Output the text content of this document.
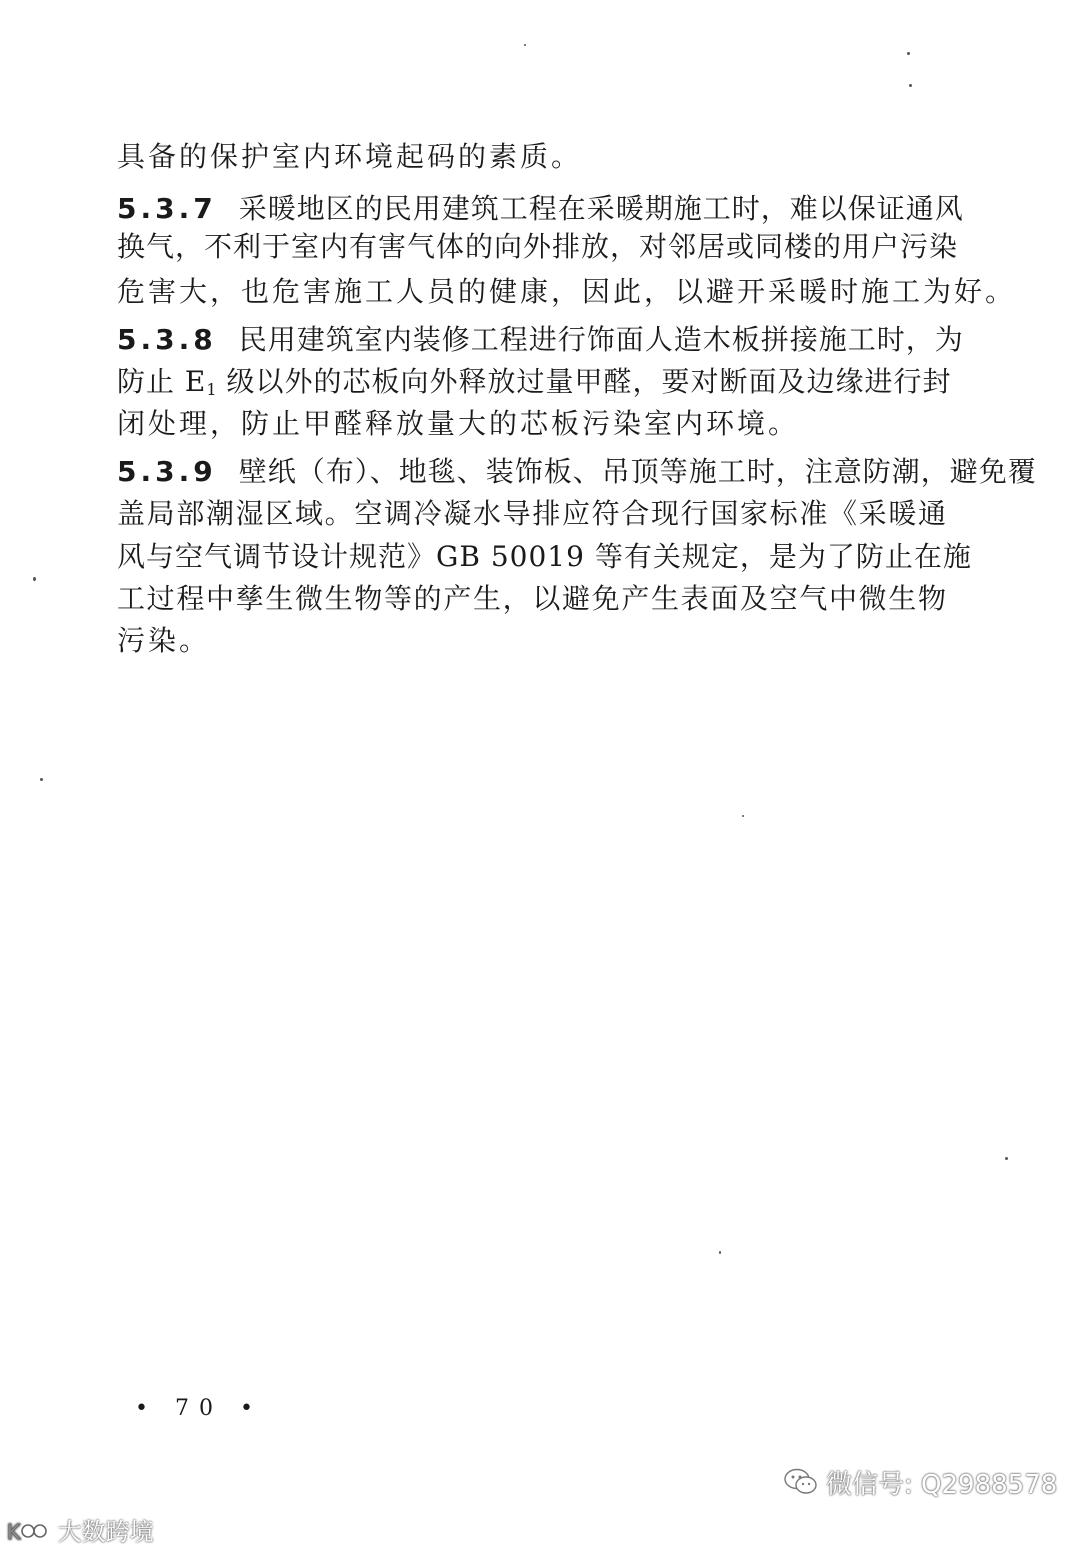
具备的保护室内环境起码的素质。
5.3.7 采暖地区的民用建筑工程在采暖期施工时，难以保证通风
换气，不利于室内有害气体的向外排放，对邻居或同楼的用户污染
危害大，也危害施工人员的健康，因此，以避开采暖时施工为好。
5.3.8 民用建筑室内装修工程进行饰面人造木板拼接施工时，为
防止 $E_1$ 级以外的芯板向外释放过量甲醛，要对断面及边缘进行封
闭处理，防止甲醛释放量大的芯板污染室内环境。
5.3.9 壁纸（布）、地毯、装饰板、吊顶等施工时，注意防潮，避免覆
盖局部潮湿区域。空调冷凝水导排应符合现行国家标准《采暖通
风与空气调节设计规范》GB 50019 等有关规定，是为了防止在施
工过程中孳生微生物等的产生，以避免产生表面及空气中微生物
污染。
• 70 •
微信号: Q2988578
K 大数跨境
